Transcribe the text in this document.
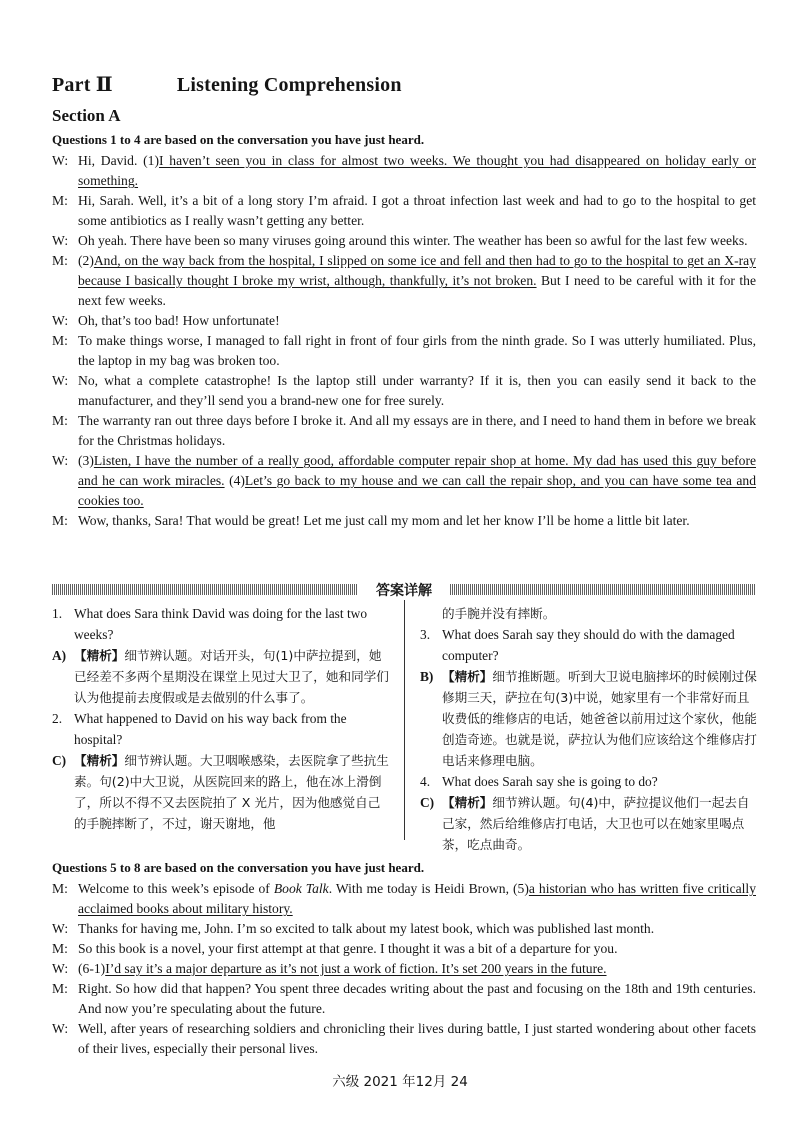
Part Ⅱ	Listening Comprehension
Section A
Questions 1 to 4 are based on the conversation you have just heard.
W: Hi, David. (1)I haven’t seen you in class for almost two weeks. We thought you had disappeared on holiday early or something.
M: Hi, Sarah. Well, it’s a bit of a long story I’m afraid. I got a throat infection last week and had to go to the hospital to get some antibiotics as I really wasn’t getting any better.
W: Oh yeah. There have been so many viruses going around this winter. The weather has been so awful for the last few weeks.
M: (2)And, on the way back from the hospital, I slipped on some ice and fell and then had to go to the hospital to get an X-ray because I basically thought I broke my wrist, although, thankfully, it’s not broken. But I need to be careful with it for the next few weeks.
W: Oh, that’s too bad! How unfortunate!
M: To make things worse, I managed to fall right in front of four girls from the ninth grade. So I was utterly humiliated. Plus, the laptop in my bag was broken too.
W: No, what a complete catastrophe! Is the laptop still under warranty? If it is, then you can easily send it back to the manufacturer, and they’ll send you a brand-new one for free surely.
M: The warranty ran out three days before I broke it. And all my essays are in there, and I need to hand them in before we break for the Christmas holidays.
W: (3)Listen, I have the number of a really good, affordable computer repair shop at home. My dad has used this guy before and he can work miracles. (4)Let’s go back to my house and we can call the repair shop, and you can have some tea and cookies too.
M: Wow, thanks, Sara! That would be great! Let me just call my mom and let her know I’ll be home a little bit later.
答案详解
1. What does Sara think David was doing for the last two weeks?
A) 【精析】细节辨认题。对话开头，句(1)中萨拉提到，她已经差不多两个星期没在课堂上见过大卫了，她和同学们认为他提前去度假或是去做别的什么事了。
2. What happened to David on his way back from the hospital?
C) 【精析】细节辨认题。大卫咽喉感染，去医院拿了些抗生素。句(2)中大卫说，从医院回来的路上，他在冰上滑倒了，所以不得不又去医院拍了 X 光片，因为他感觉自己的手腕摔断了，不过，谢天谢地，他
的手腕并没有摔断。
3. What does Sarah say they should do with the damaged computer?
B) 【精析】细节推断题。听到大卫说电脑摔坏的时候刚过保修期三天，萨拉在句(3)中说，她家里有一个非常好而且收费低的维修店的电话，她爸爸以前用过这个家伙，他能创造奇迹。也就是说，萨拉认为他们应该给这个维修店打电话来修理电脑。
4. What does Sarah say she is going to do?
C) 【精析】细节辨认题。句(4)中，萨拉提议他们一起去自己家，然后给维修店打电话，大卫也可以在她家里喝点茶，吃点曲奇。
Questions 5 to 8 are based on the conversation you have just heard.
M: Welcome to this week’s episode of Book Talk. With me today is Heidi Brown, (5)a historian who has written five critically acclaimed books about military history.
W: Thanks for having me, John. I’m so excited to talk about my latest book, which was published last month.
M: So this book is a novel, your first attempt at that genre. I thought it was a bit of a departure for you.
W: (6-1)I’d say it’s a major departure as it’s not just a work of fiction. It’s set 200 years in the future.
M: Right. So how did that happen? You spent three decades writing about the past and focusing on the 18th and 19th centuries. And now you’re speculating about the future.
W: Well, after years of researching soldiers and chronicling their lives during battle, I just started wondering about other facets of their lives, especially their personal lives.
六级 2021 年12月 24
